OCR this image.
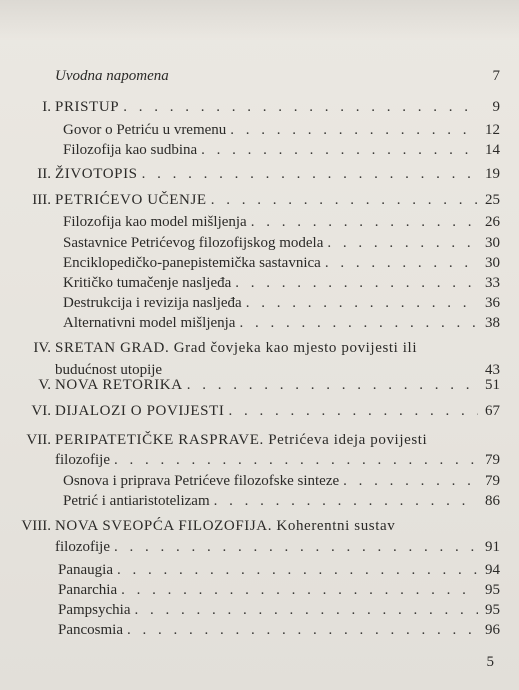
Uvodna napomena	7
I. PRISTUP . . .	9
Govor o Petriću u vremenu . . .	12
Filozofija kao sudbina . . .	14
II. ŽIVOTOPIS . . .	19
III. PETRIĆEVO UČENJE . . .	25
Filozofija kao model mišljenja . . .	26
Sastavnice Petrićevog filozofijskog modela . . .	30
Enciklopedičko-panepistemička sastavnica . . .	30
Kritičko tumačenje nasljeđa . . .	33
Destrukcija i revizija nasljeđa . . .	36
Alternativni model mišljenja . . .	38
IV. SRETAN GRAD. Grad čovjeka kao mjesto povijesti ili
budućnost utopije	43
V. NOVA RETORIKA . . .	51
VI. DIJALOZI O POVIJESTI . . .	67
VII. PERIPATETIČKE RASPRAVE. Petrićeva ideja povijesti
filozofije . . .	79
Osnova i priprava Petrićeve filozofske sinteze . . .	79
Petrić i antiaristotelizam . . .	86
VIII. NOVA SVEOPĆA FILOZOFIJA. Koherentni sustav
filozofije . . .	91
Panaugia . . .	94
Panarchia . . .	95
Pampsychia . . .	95
Pancosmia . . .	96
5
